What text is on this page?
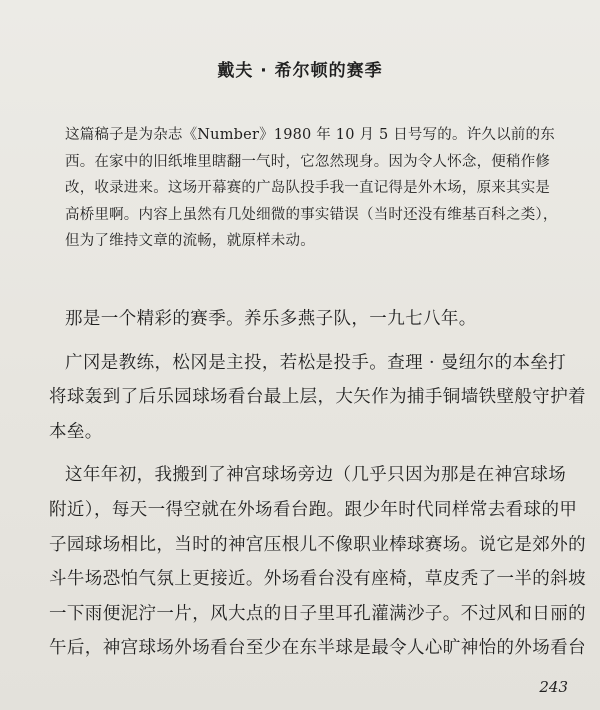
戴夫 · 希尔顿的赛季
这篇稿子是为杂志《Number》1980 年 10 月 5 日号写的。许久以前的东
西。在家中的旧纸堆里瞎翻一气时，它忽然现身。因为令人怀念，便稍作修
改，收录进来。这场开幕赛的广岛队投手我一直记得是外木场，原来其实是
高桥里啊。内容上虽然有几处细微的事实错误（当时还没有维基百科之类），
但为了维持文章的流畅，就原样未动。
那是一个精彩的赛季。养乐多燕子队，一九七八年。
广冈是教练，松冈是主投，若松是投手。查理 · 曼纽尔的本垒打
将球轰到了后乐园球场看台最上层，大矢作为捕手铜墙铁壁般守护着
本垒。
这年年初，我搬到了神宫球场旁边（几乎只因为那是在神宫球场
附近），每天一得空就在外场看台跑。跟少年时代同样常去看球的甲
子园球场相比，当时的神宫压根儿不像职业棒球赛场。说它是郊外的
斗牛场恐怕气氛上更接近。外场看台没有座椅，草皮秃了一半的斜坡
一下雨便泥泞一片，风大点的日子里耳孔灌满沙子。不过风和日丽的
午后，神宫球场外场看台至少在东半球是最令人心旷神怡的外场看台
243
